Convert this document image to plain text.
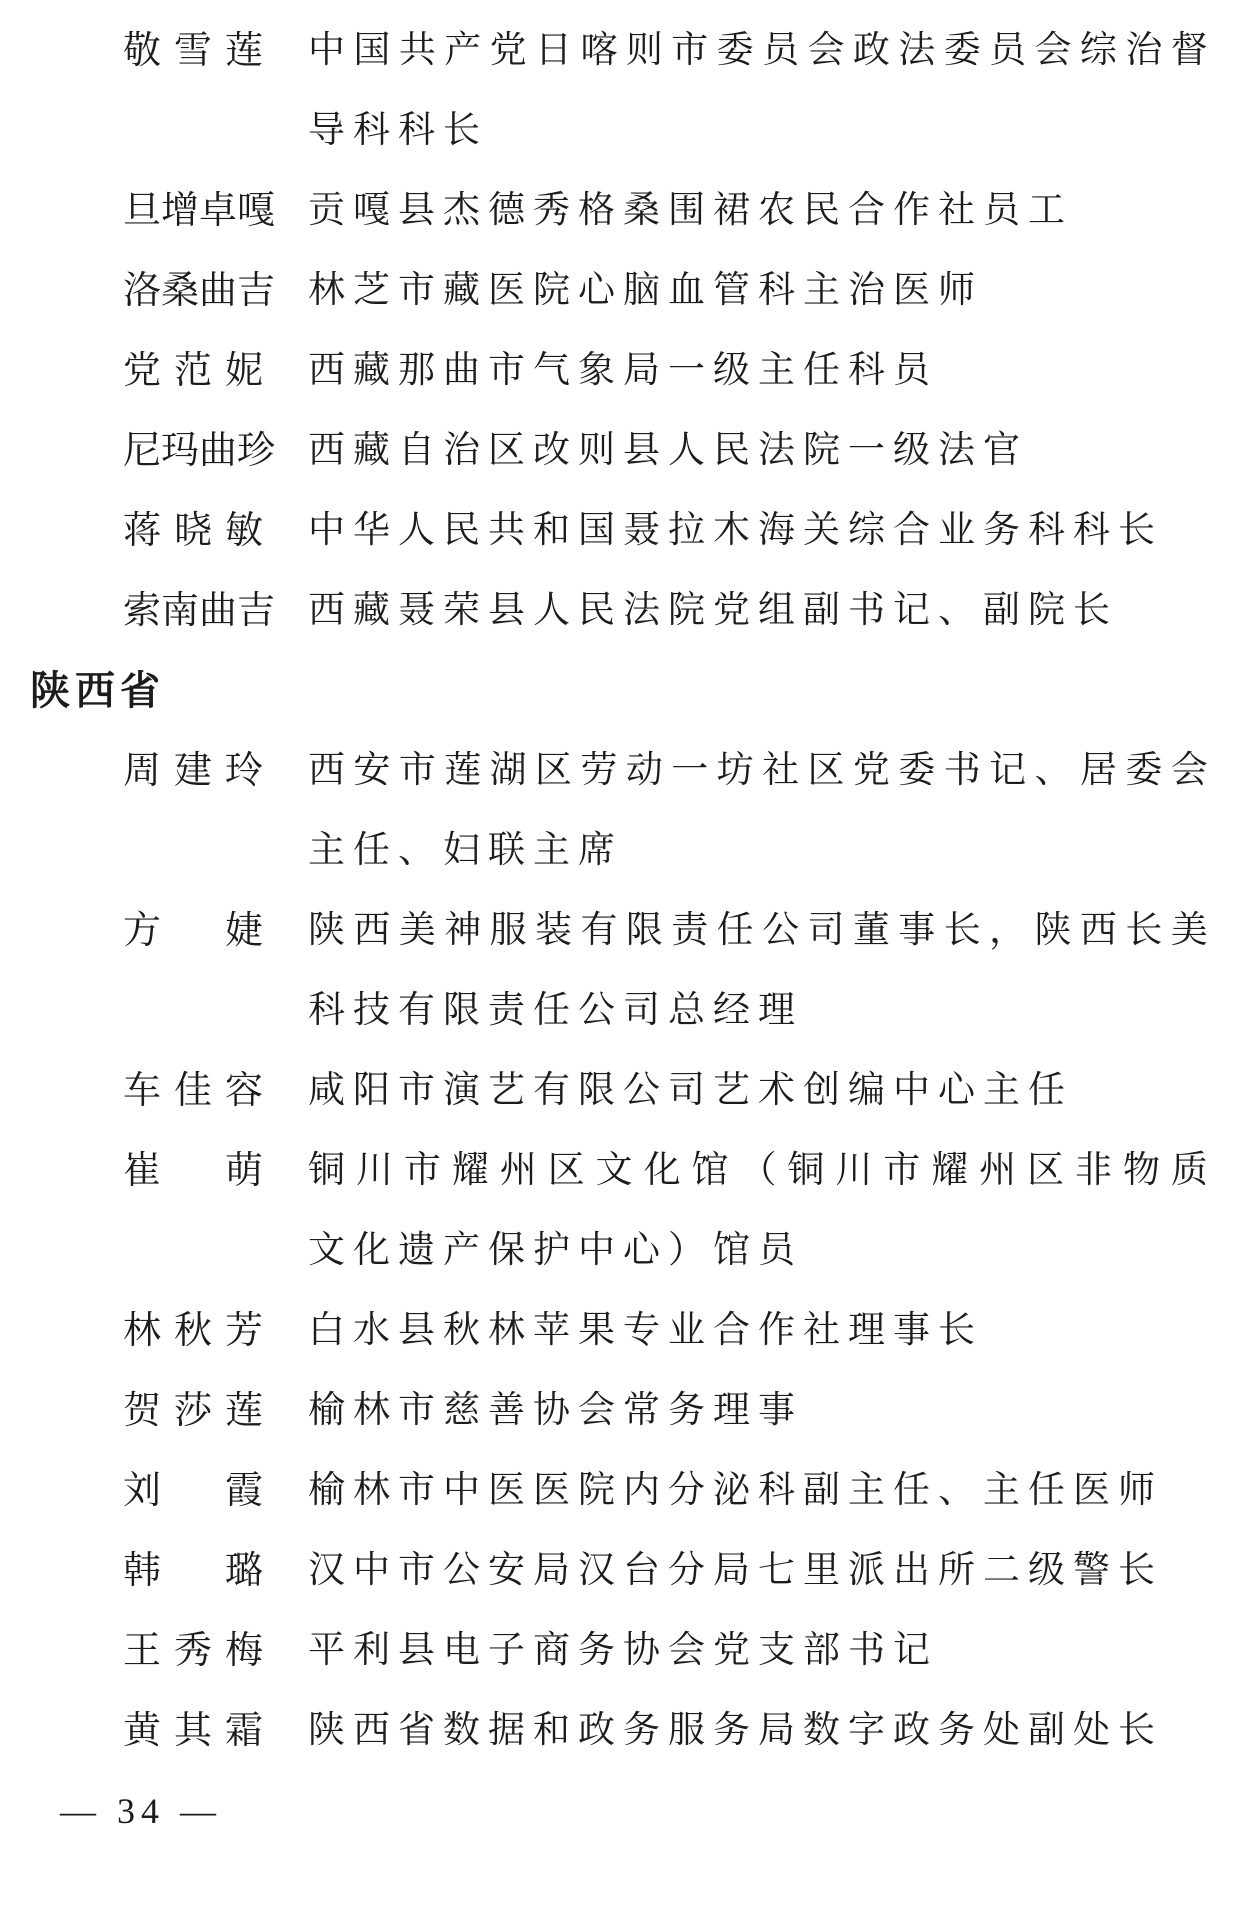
敬 雪 莲 中 国 共 产 党 日 喀 则 市 委 员 会 政 法 委 员 会 综 治 督
导科科长
旦 增 卓 嘎 贡嘎县杰德秀格桑围裙农民合作社员工
洛 桑 曲 吉 林芝市藏医院心脑血管科主治医师
党 范 妮 西藏那曲市气象局一级主任科员
尼 玛 曲 珍 西藏自治区改则县人民法院一级法官
蒋 晓 敏 中华人民共和国聂拉木海关综合业务科科长
索 南 曲 吉 西藏聂荣县人民法院党组副书记、副院长
陕西省
周 建 玲 西 安 市 莲 湖 区 劳 动 一 坊 社 区 党 委 书 记 、 居 委 会
主任、妇联主席
方 婕 陕 西 美 神 服 装 有 限 责 任 公 司 董 事 长 ， 陕 西 长 美
科技有限责任公司总经理
车 佳 容 咸阳市演艺有限公司艺术创编中心主任
崔 萌 铜 川 市 耀 州 区 文 化 馆 （ 铜 川 市 耀 州 区 非 物 质
文化遗产保护中心）馆员
林 秋 芳 白水县秋林苹果专业合作社理事长
贺 莎 莲 榆林市慈善协会常务理事
刘 霞 榆林市中医医院内分泌科副主任、主任医师
韩 璐 汉中市公安局汉台分局七里派出所二级警长
王 秀 梅 平利县电子商务协会党支部书记
黄 其 霜 陕西省数据和政务服务局数字政务处副处长
— 34 —
